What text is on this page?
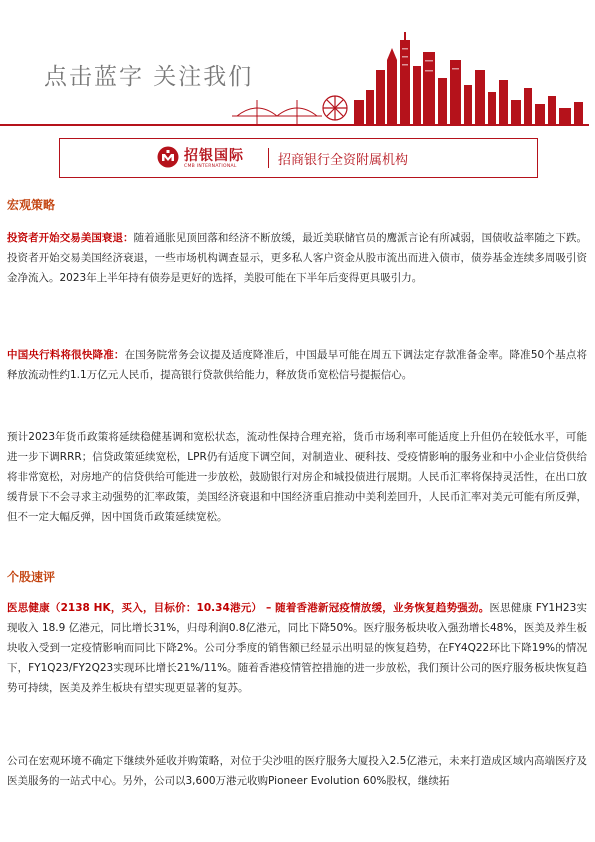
点击蓝字 关注我们
招银国际
CMB INTERNATIONAL	招商银行全资附属机构
宏观策略

投资者开始交易美国衰退：随着通胀见顶回落和经济不断放缓，最近美联储官员的鹰派言论有所减弱，国债收益率随之下跌。投资者开始交易美国经济衰退，一些市场机构调查显示，更多私人客户资金从股市流出而进入债市，债券基金连续多周吸引资金净流入。2023年上半年持有债券是更好的选择，美股可能在下半年后变得更具吸引力。

中国央行料将很快降准：在国务院常务会议提及适度降准后，中国最早可能在周五下调法定存款准备金率。降准50个基点将释放流动性约1.1万亿元人民币，提高银行贷款供给能力，释放货币宽松信号提振信心。

预计2023年货币政策将延续稳健基调和宽松状态，流动性保持合理充裕，货币市场利率可能适度上升但仍在较低水平，可能进一步下调RRR；信贷政策延续宽松，LPR仍有适度下调空间，对制造业、硬科技、受疫情影响的服务业和中小企业信贷供给将非常宽松，对房地产的信贷供给可能进一步放松，鼓励银行对房企和城投债进行展期。人民币汇率将保持灵活性，在出口放缓背景下不会寻求主动强势的汇率政策，美国经济衰退和中国经济重启推动中美利差回升，人民币汇率对美元可能有所反弹，但不一定大幅反弹，因中国货币政策延续宽松。

个股速评

医思健康（2138 HK，买入，目标价：10.34港元） – 随着香港新冠疫情放缓，业务恢复趋势强劲。医思健康 FY1H23实现收入 18.9 亿港元，同比增长31%，归母利润0.8亿港元，同比下降50%。医疗服务板块收入强劲增长48%，医美及养生板块收入受到一定疫情影响而同比下降2%。公司分季度的销售额已经显示出明显的恢复趋势，在FY4Q22环比下降19%的情况下，FY1Q23/FY2Q23实现环比增长21%/11%。随着香港疫情管控措施的进一步放松，我们预计公司的医疗服务板块恢复趋势可持续，医美及养生板块有望实现更显著的复苏。

公司在宏观环境不确定下继续外延收并购策略，对位于尖沙咀的医疗服务大厦投入2.5亿港元，未来打造成区域内高端医疗及医美服务的一站式中心。另外，公司以3,600万港元收购Pioneer Evolution 60%股权，继续拓
